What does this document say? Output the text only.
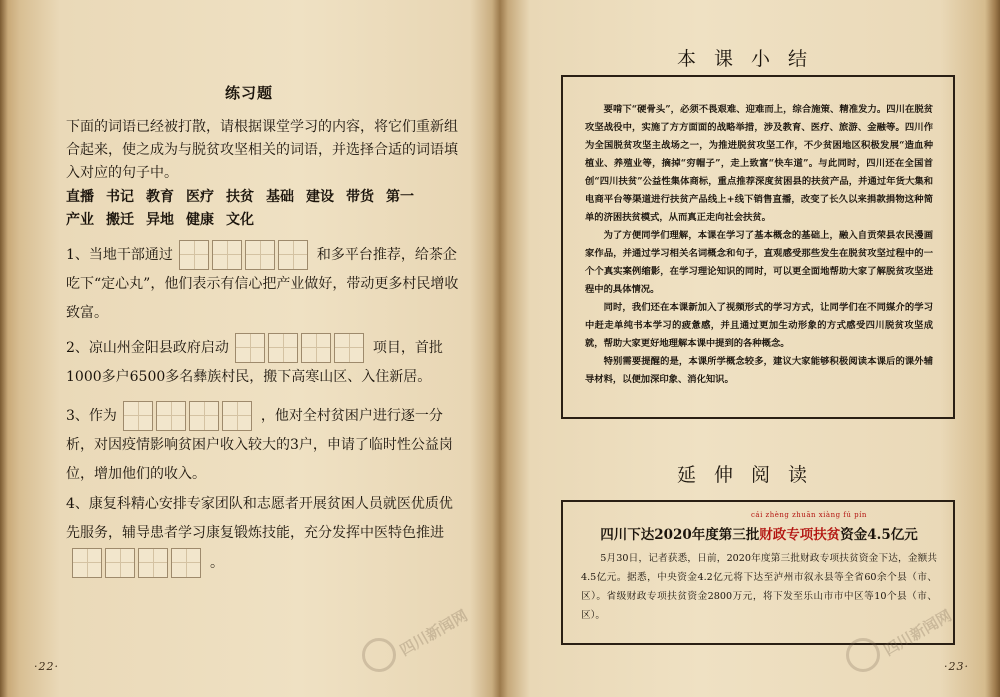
练习题
下面的词语已经被打散，请根据课堂学习的内容，将它们重新组合起来，使之成为与脱贫攻坚相关的词语，并选择合适的词语填入对应的句子中。
直播 书记 教育 医疗 扶贫 基础 建设 带货 第一
产业 搬迁 异地 健康 文化
1、当地干部通过	和多平台推荐，给茶企吃下“定心丸”，他们表示有信心把产业做好，带动更多村民增收致富。
2、凉山州金阳县政府启动	项目，首批1000多户6500多名彝族村民，搬下高寒山区、入住新居。
3、作为	，他对全村贫困户进行逐一分析，对因疫情影响贫困户收入较大的3户，申请了临时性公益岗位，增加他们的收入。
4、康复科精心安排专家团队和志愿者开展贫困人员就医优质优先服务，辅导患者学习康复锻炼技能，充分发挥中医特色推进。
·22·
四川新闻网
本课小结

要啃下“硬骨头”，必须不畏艰难、迎难而上，综合施策、精准发力。四川在脱贫攻坚战役中，实施了方方面面的战略举措，涉及教育、医疗、旅游、金融等。四川作为全国脱贫攻坚主战场之一，为推进脱贫攻坚工作，不少贫困地区积极发展“造血种植业、养殖业等，摘掉“穷帽子”，走上致富“快车道”。与此同时，四川还在全国首创“四川扶贫”公益性集体商标，重点推荐深度贫困县的扶贫产品，并通过年货大集和电商平台等渠道进行扶贫产品线上+线下销售直播，改变了长久以来捐款捐物这种简单的济困扶贫模式，从而真正走向社会扶贫。

为了方便同学们理解，本课在学习了基本概念的基础上，融入自贡荣县农民漫画家作品，并通过学习相关名词概念和句子，直观感受那些发生在脱贫攻坚过程中的一个个真实案例缩影，在学习理论知识的同时，可以更全面地帮助大家了解脱贫攻坚进程中的具体情况。

同时，我们还在本课新加入了视频形式的学习方式，让同学们在不同媒介的学习中赶走单纯书本学习的疲惫感，并且通过更加生动形象的方式感受四川脱贫攻坚成就，帮助大家更好地理解本课中提到的各种概念。

特别需要提醒的是，本课所学概念较多，建议大家能够积极阅读本课后的课外辅导材料，以便加深印象、消化知识。

延伸阅读
cái zhèng zhuān xiàng fú pín
四川下达2020年度第三批财政专项扶贫资金4.5亿元

5月30日，记者获悉，日前，2020年度第三批财政专项扶贫资金下达，金额共4.5亿元。据悉，中央资金4.2亿元将下达至泸州市叙永县等全省60余个县（市、区）。省级财政专项扶贫资金2800万元，将下发至乐山市市中区等10个县（市、区）。

·23·
四川新闻网
